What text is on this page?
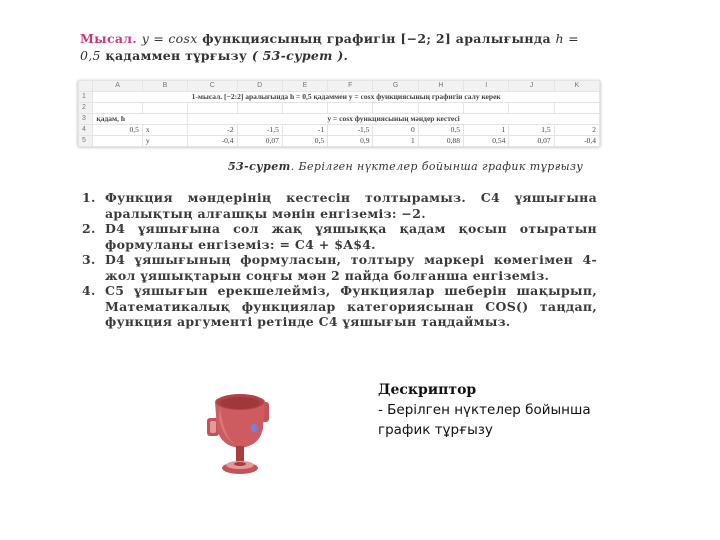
Мысал. y = cosx функциясының графигін [−2; 2] аралығында h = 0,5 қадаммен тұрғызу ( 53-сурет ).
	A	B	C	D	E	F	G	H	I	J	K
1	1-мысал. [−2:2] аралығында h = 0,5 қадаммен y = cosx функциясының графигін салу керек										
2											
3	қадам, h		y = cosx функциясының мәндер кестесі								
4	0,5	x	-2	-1,5	-1	-1,5	0	0,5	1	1,5	2
5		y	-0,4	0,07	0,5	0,9	1	0,88	0,54	0,07	-0,4
53-сурет. Берілген нүктелер бойынша график тұрғызу
1. Функция мәндерінің кестесін толтырамыз. С4 ұяшығына аралықтың алғашқы мәнін енгіземіз: −2.
2. D4 ұяшығына сол жақ ұяшыққа қадам қосып отыратын формуланы енгіземіз: = C4 + $A$4.
3. D4 ұяшығының формуласын, толтыру маркері көмегімен 4-жол ұяшықтарын соңғы мән 2 пайда болғанша енгіземіз.
4. С5 ұяшығын ерекшелейміз, Функциялар шеберін шақырып, Математикалық функциялар категориясынан COS() таңдап, функция аргументі ретінде С4 ұяшығын таңдаймыз.
Дескриптор
- Берілген нүктелер бойынша
график тұрғызу
